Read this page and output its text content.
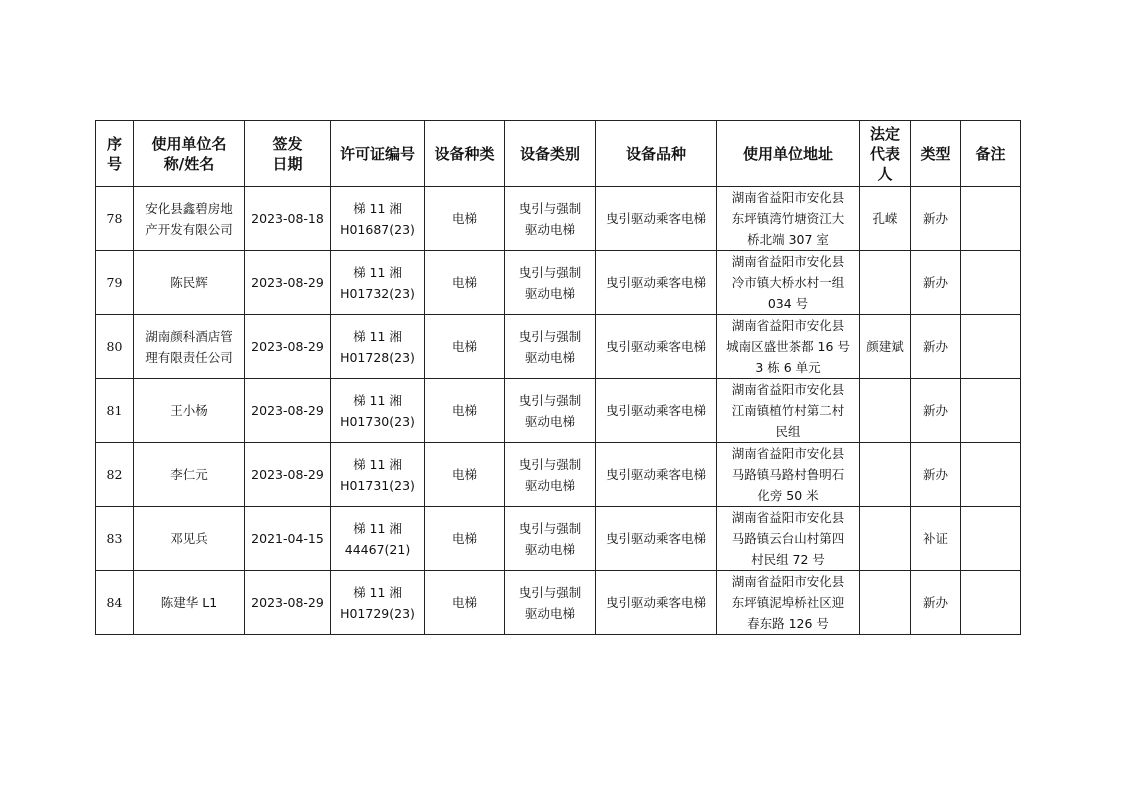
序
号	使用单位名
称/姓名	签发
日期	许可证编号	设备种类	设备类别	设备品种	使用单位地址	法定
代表
人	类型	备注
78	安化县鑫碧房地
产开发有限公司	2023-08-18	梯 11 湘
H01687(23)	电梯	曳引与强制
驱动电梯	曳引驱动乘客电梯	湖南省益阳市安化县
东坪镇湾竹塘资江大
桥北端 307 室	孔嵘	新办	
79	陈民辉	2023-08-29	梯 11 湘
H01732(23)	电梯	曳引与强制
驱动电梯	曳引驱动乘客电梯	湖南省益阳市安化县
冷市镇大桥水村一组
034 号		新办	
80	湖南颜科酒店管
理有限责任公司	2023-08-29	梯 11 湘
H01728(23)	电梯	曳引与强制
驱动电梯	曳引驱动乘客电梯	湖南省益阳市安化县
城南区盛世茶都 16 号
3 栋 6 单元	颜建斌	新办	
81	王小杨	2023-08-29	梯 11 湘
H01730(23)	电梯	曳引与强制
驱动电梯	曳引驱动乘客电梯	湖南省益阳市安化县
江南镇植竹村第二村
民组		新办	
82	李仁元	2023-08-29	梯 11 湘
H01731(23)	电梯	曳引与强制
驱动电梯	曳引驱动乘客电梯	湖南省益阳市安化县
马路镇马路村鲁明石
化旁 50 米		新办	
83	邓见兵	2021-04-15	梯 11 湘
44467(21)	电梯	曳引与强制
驱动电梯	曳引驱动乘客电梯	湖南省益阳市安化县
马路镇云台山村第四
村民组 72 号		补证	
84	陈建华 L1	2023-08-29	梯 11 湘
H01729(23)	电梯	曳引与强制
驱动电梯	曳引驱动乘客电梯	湖南省益阳市安化县
东坪镇泥埠桥社区迎
春东路 126 号		新办	
